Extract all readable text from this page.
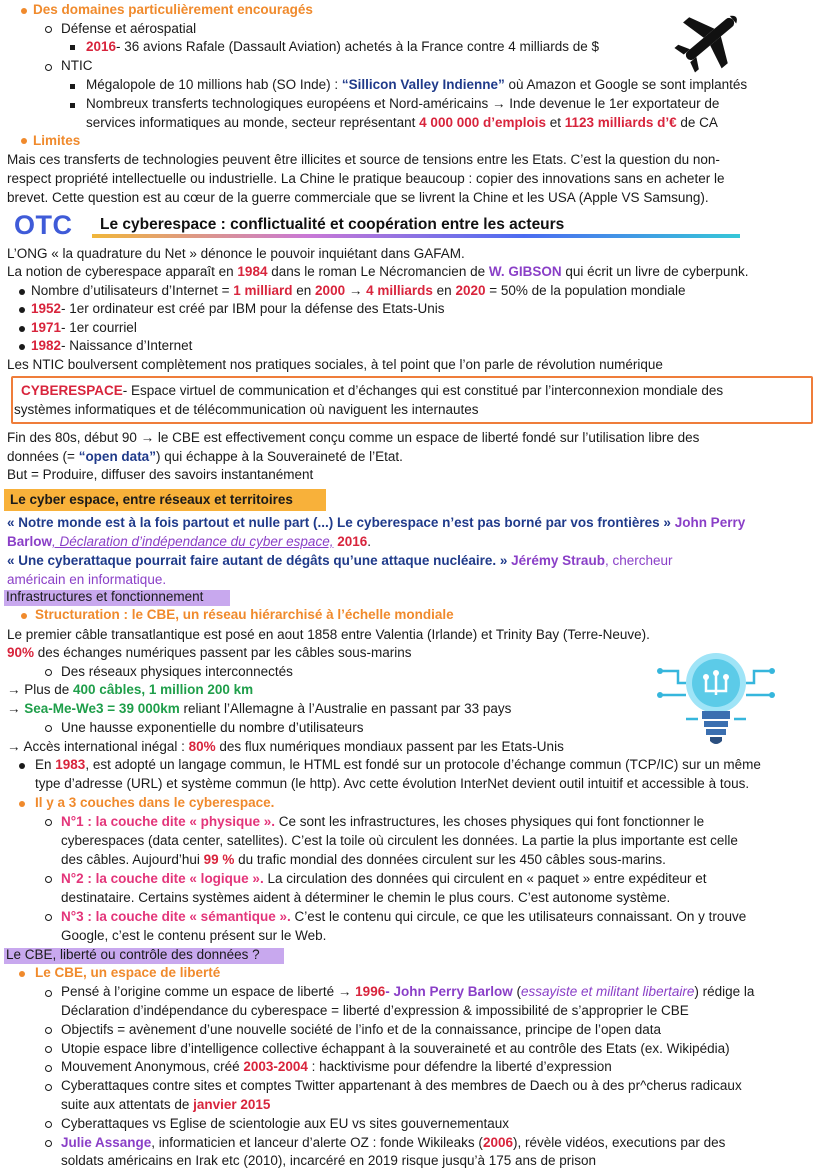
Des domaines particulièrement encouragés
Défense et aérospatial
2016- 36 avions Rafale (Dassault Aviation) achetés à la France contre 4 milliards de $
NTIC
Mégalopole de 10 millions hab (SO Inde) : “Sillicon Valley Indienne” où Amazon et Google se sont implantés
Nombreux transferts technologiques européens et Nord-américains → Inde devenue le 1er exportateur de
services informatiques au monde, secteur représentant 4 000 000 d’emplois et 1123 milliards d’€ de CA
Limites
Mais ces transferts de technologies peuvent être illicites et source de tensions entre les Etats. C’est la question du non-
respect propriété intellectuelle ou industrielle. La Chine le pratique beaucoup : copier des innovations sans en acheter le
brevet. Cette question est au cœur de la guerre commerciale que se livrent la Chine et les USA (Apple VS Samsung).
OTC Le cyberespace : conflictualité et coopération entre les acteurs
L’ONG « la quadrature du Net » dénonce le pouvoir inquiétant dans GAFAM.
La notion de cyberespace apparaît en 1984 dans le roman Le Nécromancien de W. GIBSON qui écrit un livre de cyberpunk.
Nombre d’utilisateurs d’Internet = 1 milliard en 2000 → 4 milliards en 2020 = 50% de la population mondiale
1952- 1er ordinateur est créé par IBM pour la défense des Etats-Unis
1971- 1er courriel
1982- Naissance d’Internet
Les NTIC boulversent complètement nos pratiques sociales, à tel point que l’on parle de révolution numérique
CYBERESPACE- Espace virtuel de communication et d’échanges qui est constitué par l’interconnexion mondiale des
systèmes informatiques et de télécommunication où naviguent les internautes
Fin des 80s, début 90 → le CBE est effectivement conçu comme un espace de liberté fondé sur l’utilisation libre des
données (= “open data”) qui échappe à la Souveraineté de l’Etat.
But = Produire, diffuser des savoirs instantanément
Le cyber espace, entre réseaux et territoires
« Notre monde est à la fois partout et nulle part (...) Le cyberespace n’est pas borné par vos frontières » John Perry
Barlow, Déclaration d’indépendance du cyber espace, 2016.
« Une cyberattaque pourrait faire autant de dégâts qu’une attaque nucléaire. » Jérémy Straub, chercheur
américain en informatique.
Infrastructures et fonctionnement
Structuration : le CBE, un réseau hiérarchisé à l’échelle mondiale
Le premier câble transatlantique est posé en aout 1858 entre Valentia (Irlande) et Trinity Bay (Terre-Neuve).
90% des échanges numériques passent par les câbles sous-marins
Des réseaux physiques interconnectés
→ Plus de 400 câbles, 1 million 200 km
→ Sea-Me-We3 = 39 000km reliant l’Allemagne à l’Australie en passant par 33 pays
Une hausse exponentielle du nombre d’utilisateurs
→ Accès international inégal : 80% des flux numériques mondiaux passent par les Etats-Unis
En 1983, est adopté un langage commun, le HTML est fondé sur un protocole d’échange commun (TCP/IC) sur un même
type d’adresse (URL) et système commun (le http). Avc cette évolution InterNet devient outil intuitif et accessible à tous.
Il y a 3 couches dans le cyberespace.
N°1 : la couche dite « physique ». Ce sont les infrastructures, les choses physiques qui font fonctionner le
cyberespaces (data center, satellites). C’est la toile où circulent les données. La partie la plus importante est celle
des câbles. Aujourd’hui 99 % du trafic mondial des données circulent sur les 450 câbles sous-marins.
N°2 : la couche dite « logique ». La circulation des données qui circulent en « paquet » entre expéditeur et
destinataire. Certains systèmes aident à déterminer le chemin le plus cours. C’est autonome système.
N°3 : la couche dite « sémantique ». C’est le contenu qui circule, ce que les utilisateurs connaissant. On y trouve
Google, c’est le contenu présent sur le Web.
Le CBE, liberté ou contrôle des données ?
Le CBE, un espace de liberté
Pensé à l’origine comme un espace de liberté → 1996- John Perry Barlow (essayiste et militant libertaire) rédige la
Déclaration d’indépendance du cyberespace = liberté d’expression & impossibilité de s’approprier le CBE
Objectifs = avènement d’une nouvelle société de l’info et de la connaissance, principe de l’open data
Utopie espace libre d’intelligence collective échappant à la souveraineté et au contrôle des Etats (ex. Wikipédia)
Mouvement Anonymous, créé 2003-2004 : hacktivisme pour défendre la liberté d’expression
Cyberattaques contre sites et comptes Twitter appartenant à des membres de Daech ou à des pr^cherus radicaux
suite aux attentats de janvier 2015
Cyberattaques vs Eglise de scientologie aux EU vs sites gouvernementaux
Julie Assange, informaticien et lanceur d’alerte OZ : fonde Wikileaks (2006), révèle vidéos, executions par des
soldats américains en Irak etc (2010), incarcéré en 2019 risque jusqu’à 175 ans de prison
